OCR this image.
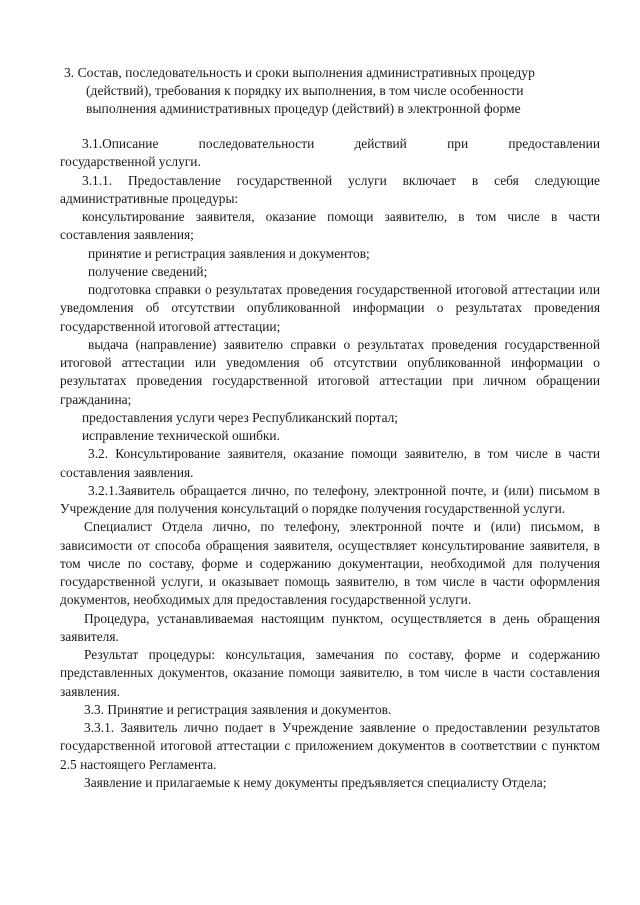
3. Состав, последовательность и сроки выполнения административных процедур
(действий), требования к порядку их выполнения, в том числе особенности
выполнения административных процедур (действий) в электронной форме

3.1.Описание последовательности действий при предоставлении

государственной услуги.

3.1.1. Предоставление государственной услуги включает в себя следующие административные процедуры:

консультирование заявителя, оказание помощи заявителю, в том числе в части составления заявления;

принятие и регистрация заявления и документов;

получение сведений;

подготовка справки о результатах проведения государственной итоговой аттестации или уведомления об отсутствии опубликованной информации о результатах проведения государственной итоговой аттестации;

выдача (направление) заявителю справки о результатах проведения государственной итоговой аттестации или уведомления об отсутствии опубликованной информации о результатах проведения государственной итоговой аттестации при личном обращении гражданина;

предоставления услуги через Республиканский портал;

исправление технической ошибки.

3.2. Консультирование заявителя, оказание помощи заявителю, в том числе в части составления заявления.

3.2.1.Заявитель обращается лично, по телефону, электронной почте, и (или) письмом в Учреждение для получения консультаций о порядке получения государственной услуги.

Специалист Отдела лично, по телефону, электронной почте и (или) письмом, в зависимости от способа обращения заявителя, осуществляет консультирование заявителя, в том числе по составу, форме и содержанию документации, необходимой для получения государственной услуги, и оказывает помощь заявителю, в том числе в части оформления документов, необходимых для предоставления государственной услуги.

Процедура, устанавливаемая настоящим пунктом, осуществляется в день обращения заявителя.

Результат процедуры: консультация, замечания по составу, форме и содержанию представленных документов, оказание помощи заявителю, в том числе в части составления заявления.

3.3. Принятие и регистрация заявления и документов.

3.3.1. Заявитель лично подает в Учреждение заявление о предоставлении результатов государственной итоговой аттестации с приложением документов в соответствии с пунктом 2.5 настоящего Регламента.

Заявление и прилагаемые к нему документы предъявляется специалисту Отдела;
